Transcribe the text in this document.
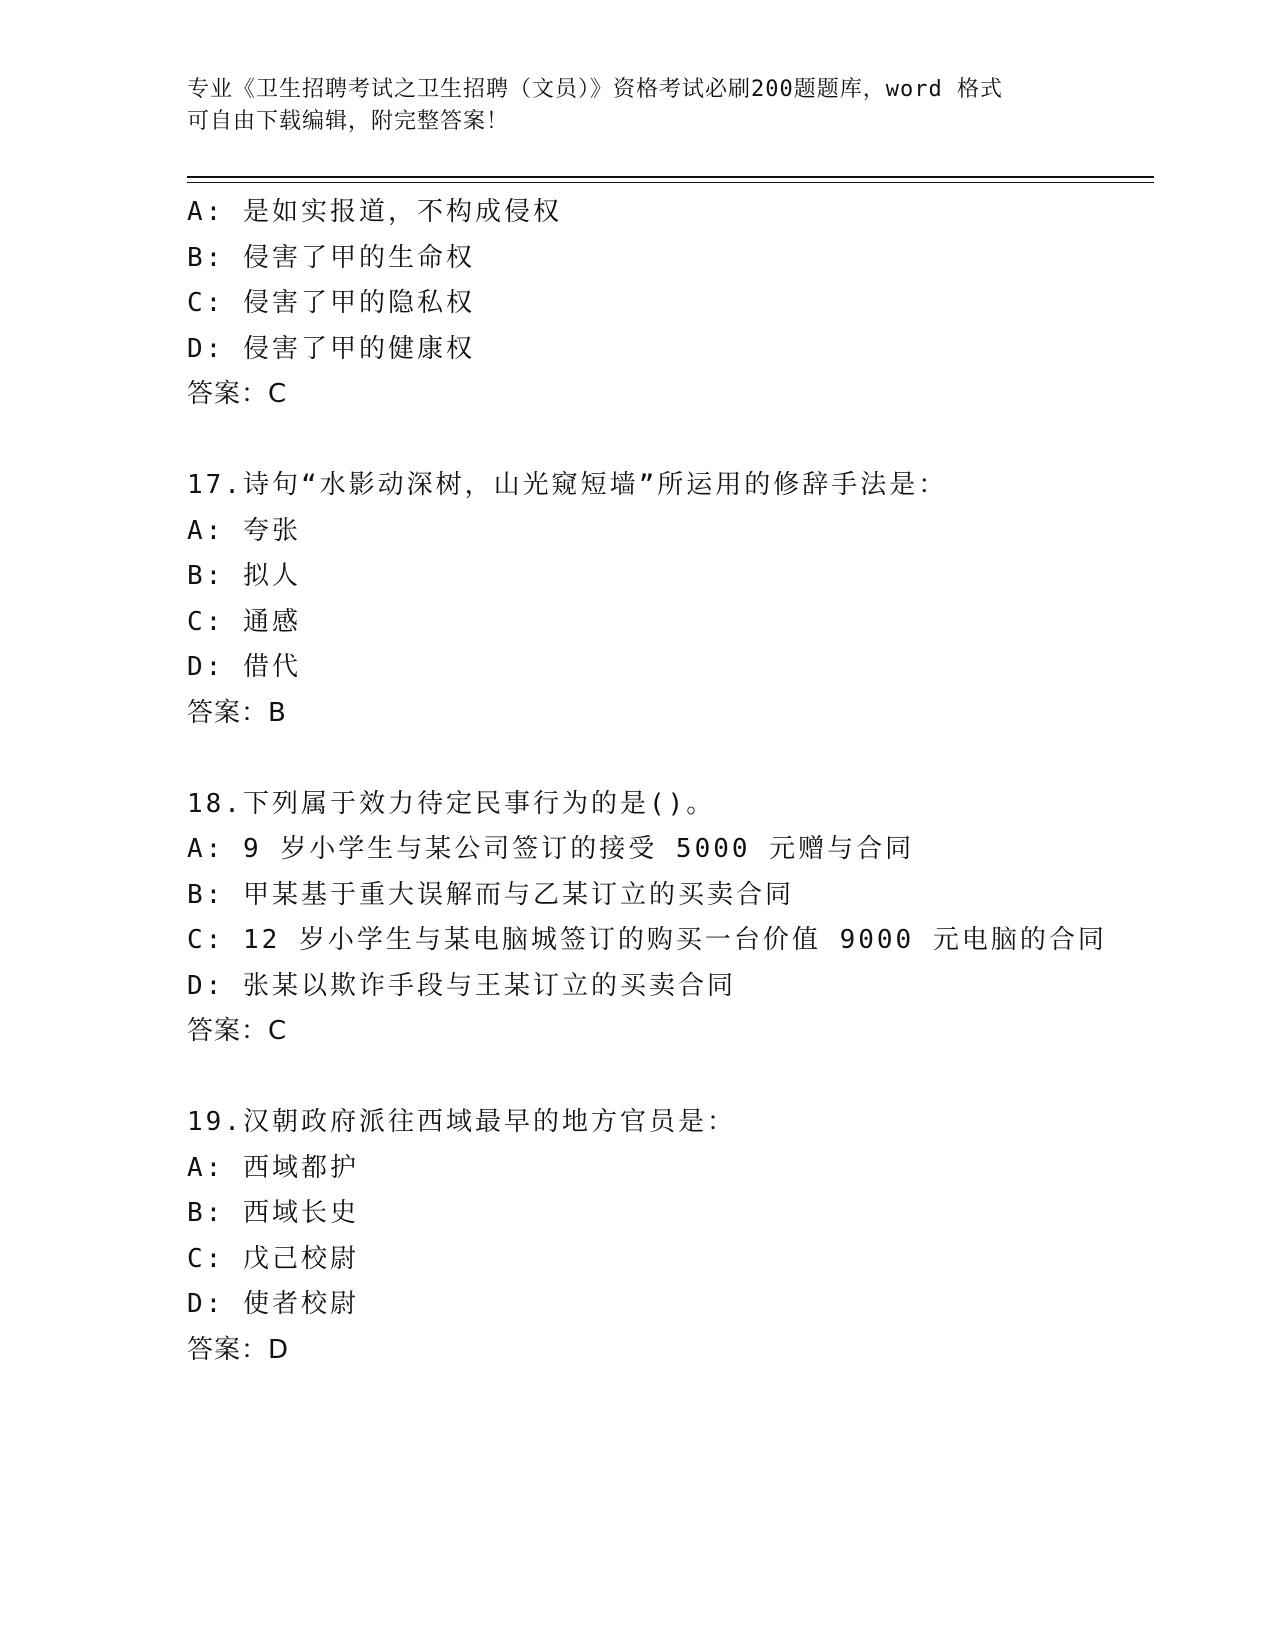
专业《卫生招聘考试之卫生招聘（文员）》资格考试必刷200题题库，word 格式
可自由下载编辑，附完整答案！
A: 是如实报道，不构成侵权
B: 侵害了甲的生命权
C: 侵害了甲的隐私权
D: 侵害了甲的健康权
答案：C
17.诗句“水影动深树，山光窥短墙”所运用的修辞手法是：
A: 夸张
B: 拟人
C: 通感
D: 借代
答案：B
18.下列属于效力待定民事行为的是()。
A: 9 岁小学生与某公司签订的接受 5000 元赠与合同
B: 甲某基于重大误解而与乙某订立的买卖合同
C: 12 岁小学生与某电脑城签订的购买一台价值 9000 元电脑的合同
D: 张某以欺诈手段与王某订立的买卖合同
答案：C
19.汉朝政府派往西域最早的地方官员是：
A: 西域都护
B: 西域长史
C: 戊己校尉
D: 使者校尉
答案：D
